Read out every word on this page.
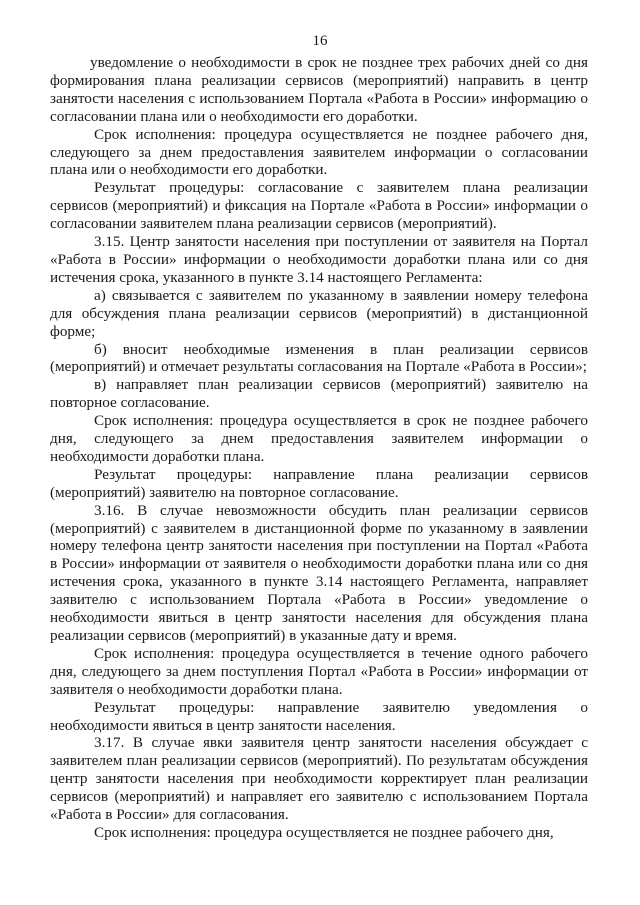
16

уведомление о необходимости в срок не позднее трех рабочих дней со дня формирования плана реализации сервисов (мероприятий) направить в центр занятости населения с использованием Портала «Работа в России» информацию о согласовании плана или о необходимости его доработки.

Срок исполнения: процедура осуществляется не позднее рабочего дня, следующего за днем предоставления заявителем информации о согласовании плана или о необходимости его доработки.

Результат процедуры: согласование с заявителем плана реализации сервисов (мероприятий) и фиксация на Портале «Работа в России» информации о согласовании заявителем плана реализации сервисов (мероприятий).

3.15. Центр занятости населения при поступлении от заявителя на Портал «Работа в России» информации о необходимости доработки плана или со дня истечения срока, указанного в пункте 3.14 настоящего Регламента:

а) связывается с заявителем по указанному в заявлении номеру телефона для обсуждения плана реализации сервисов (мероприятий) в дистанционной форме;

б) вносит необходимые изменения в план реализации сервисов (мероприятий) и отмечает результаты согласования на Портале «Работа в России»;

в) направляет план реализации сервисов (мероприятий) заявителю на повторное согласование.

Срок исполнения: процедура осуществляется в срок не позднее рабочего дня, следующего за днем предоставления заявителем информации о необходимости доработки плана.

Результат процедуры: направление плана реализации сервисов (мероприятий) заявителю на повторное согласование.

3.16. В случае невозможности обсудить план реализации сервисов (мероприятий) с заявителем в дистанционной форме по указанному в заявлении номеру телефона центр занятости населения при поступлении на Портал «Работа в России» информации от заявителя о необходимости доработки плана или со дня истечения срока, указанного в пункте 3.14 настоящего Регламента, направляет заявителю с использованием Портала «Работа в России» уведомление о необходимости явиться в центр занятости населения для обсуждения плана реализации сервисов (мероприятий) в указанные дату и время.

Срок исполнения: процедура осуществляется в течение одного рабочего дня, следующего за днем поступления Портал «Работа в России» информации от заявителя о необходимости доработки плана.

Результат процедуры: направление заявителю уведомления о необходимости явиться в центр занятости населения.

3.17. В случае явки заявителя центр занятости населения обсуждает с заявителем план реализации сервисов (мероприятий). По результатам обсуждения центр занятости населения при необходимости корректирует план реализации сервисов (мероприятий) и направляет его заявителю с использованием Портала «Работа в России» для согласования.

Срок исполнения: процедура осуществляется не позднее рабочего дня,
